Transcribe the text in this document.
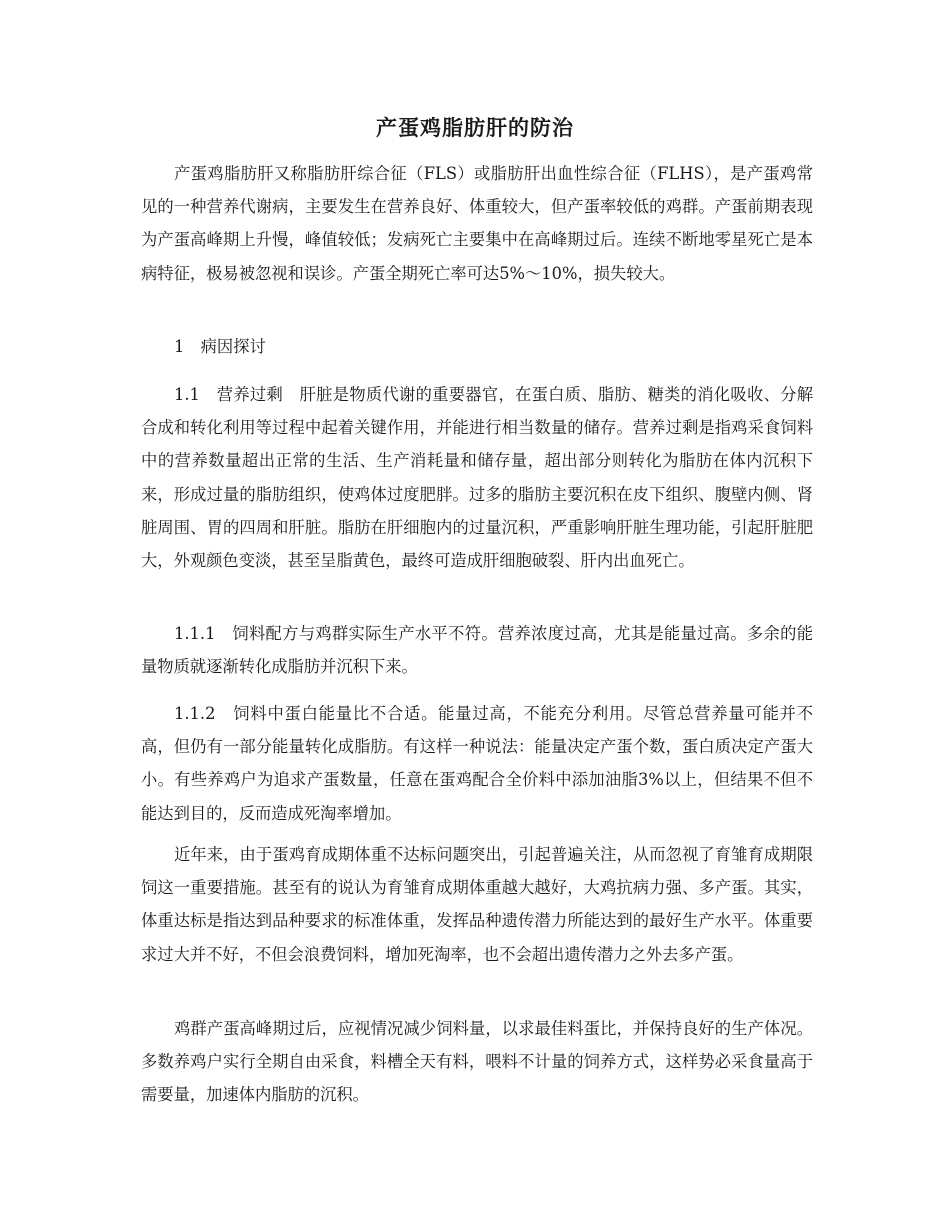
产蛋鸡脂肪肝的防治

产蛋鸡脂肪肝又称脂肪肝综合征（FLS）或脂肪肝出血性综合征（FLHS），是产蛋鸡常见的一种营养代谢病，主要发生在营养良好、体重较大，但产蛋率较低的鸡群。产蛋前期表现为产蛋高峰期上升慢，峰值较低；发病死亡主要集中在高峰期过后。连续不断地零星死亡是本病特征，极易被忽视和误诊。产蛋全期死亡率可达5%～10%，损失较大。

1　病因探讨

1.1　营养过剩　肝脏是物质代谢的重要器官，在蛋白质、脂肪、糖类的消化吸收、分解合成和转化利用等过程中起着关键作用，并能进行相当数量的储存。营养过剩是指鸡采食饲料中的营养数量超出正常的生活、生产消耗量和储存量，超出部分则转化为脂肪在体内沉积下来，形成过量的脂肪组织，使鸡体过度肥胖。过多的脂肪主要沉积在皮下组织、腹壁内侧、肾脏周围、胃的四周和肝脏。脂肪在肝细胞内的过量沉积，严重影响肝脏生理功能，引起肝脏肥大，外观颜色变淡，甚至呈脂黄色，最终可造成肝细胞破裂、肝内出血死亡。

1.1.1　饲料配方与鸡群实际生产水平不符。营养浓度过高，尤其是能量过高。多余的能量物质就逐渐转化成脂肪并沉积下来。

1.1.2　饲料中蛋白能量比不合适。能量过高，不能充分利用。尽管总营养量可能并不高，但仍有一部分能量转化成脂肪。有这样一种说法：能量决定产蛋个数，蛋白质决定产蛋大小。有些养鸡户为追求产蛋数量，任意在蛋鸡配合全价料中添加油脂3%以上，但结果不但不能达到目的，反而造成死淘率增加。

近年来，由于蛋鸡育成期体重不达标问题突出，引起普遍关注，从而忽视了育雏育成期限饲这一重要措施。甚至有的说认为育雏育成期体重越大越好，大鸡抗病力强、多产蛋。其实，体重达标是指达到品种要求的标准体重，发挥品种遗传潜力所能达到的最好生产水平。体重要求过大并不好，不但会浪费饲料，增加死淘率，也不会超出遗传潜力之外去多产蛋。

鸡群产蛋高峰期过后，应视情况减少饲料量，以求最佳料蛋比，并保持良好的生产体况。多数养鸡户实行全期自由采食，料槽全天有料，喂料不计量的饲养方式，这样势必采食量高于需要量，加速体内脂肪的沉积。
